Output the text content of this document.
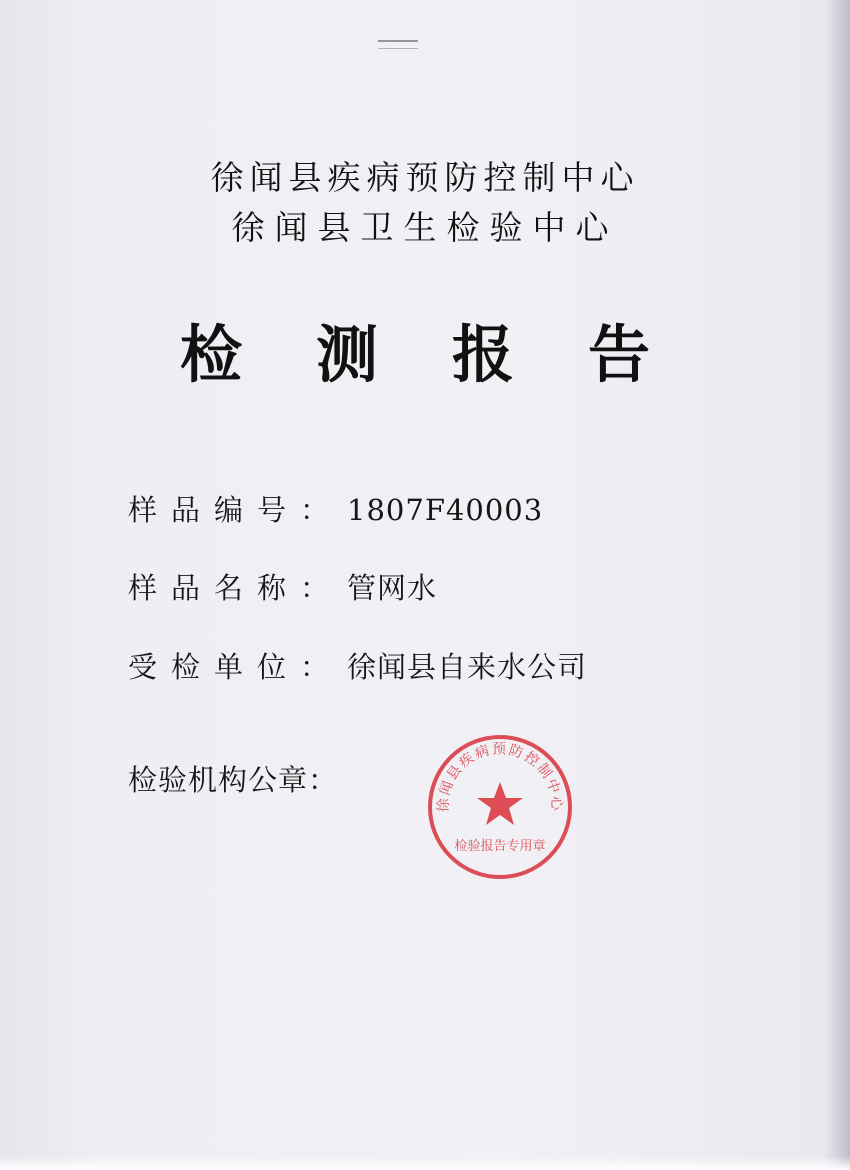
徐闻县疾病预防控制中心
徐闻县卫生检验中心
检 测 报 告
样品编号： 1807F40003
样品名称： 管网水
受检单位： 徐闻县自来水公司
检验机构公章：
徐闻县疾病预防控制中心
检验报告专用章
